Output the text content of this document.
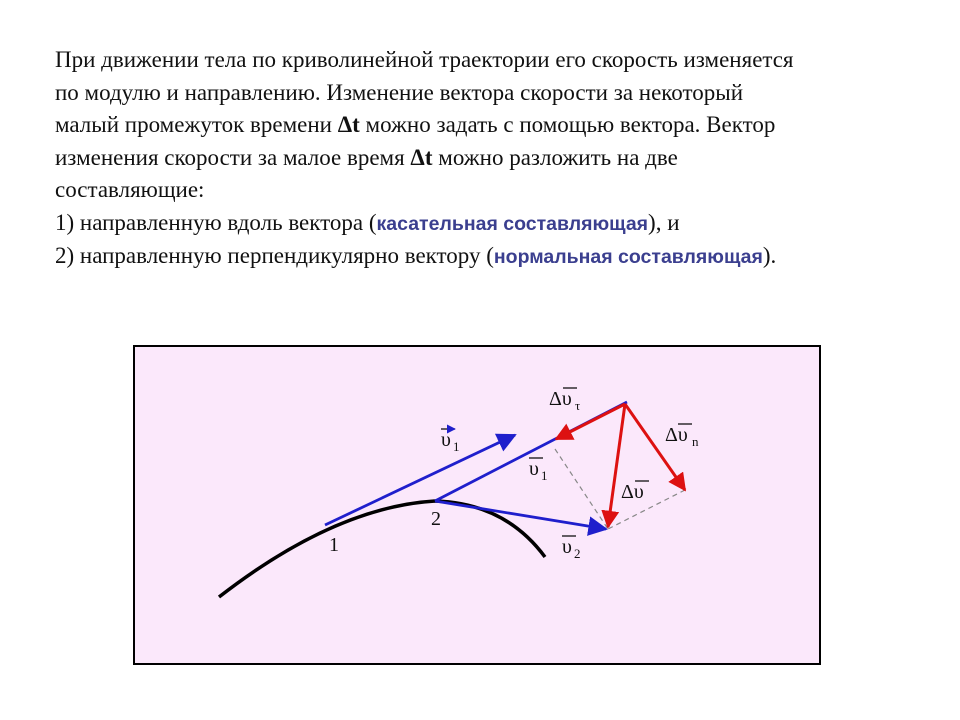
При движении тела по криволинейной траектории его скорость изменяется
по модулю и направлению. Изменение вектора скорости за некоторый
малый промежуток времени Δt можно задать с помощью вектора. Вектор
изменения скорости за малое время Δt можно разложить на две
составляющие:
1) направленную вдоль вектора (касательная составляющая), и
2) направленную перпендикулярно вектору (нормальная составляющая).
1
2
υ 1
υ 1
υ 2
Δυ τ
Δυ n
Δυ
